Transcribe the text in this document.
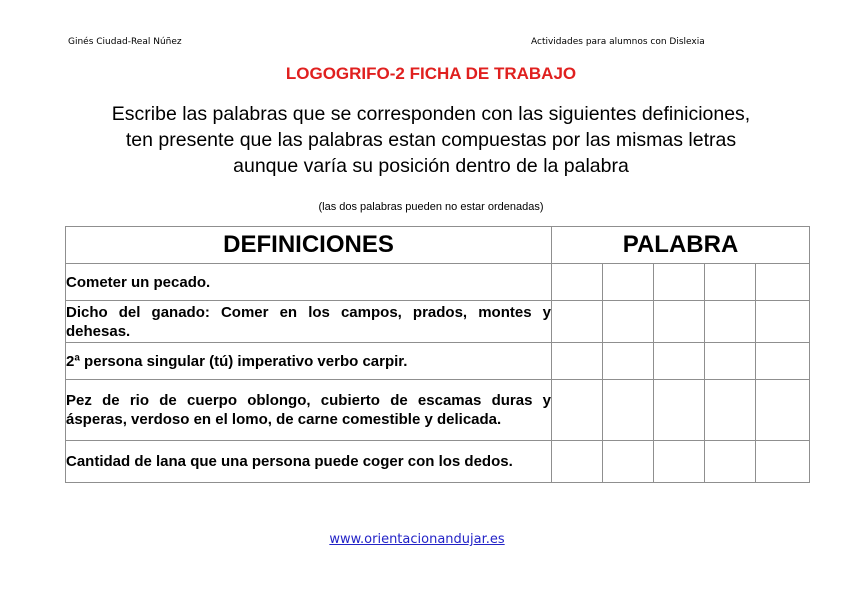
Ginés Ciudad-Real Núñez	Actividades para alumnos con Dislexia
LOGOGRIFO-2 FICHA DE TRABAJO
Escribe las palabras que se corresponden con las siguientes definiciones,
ten presente que las palabras estan compuestas por las mismas letras
aunque varía su posición dentro de la palabra
(las dos palabras pueden no estar ordenadas)
DEFINICIONES	PALABRA				
Cometer un pecado.					
Dicho del ganado: Comer en los campos, prados, montes y dehesas.					
2ª persona singular (tú) imperativo verbo carpir.					
Pez de rio de cuerpo oblongo, cubierto de escamas duras y ásperas, verdoso en el lomo, de carne comestible y delicada.					
Cantidad de lana que una persona puede coger con los dedos.					
www.orientacionandujar.es
